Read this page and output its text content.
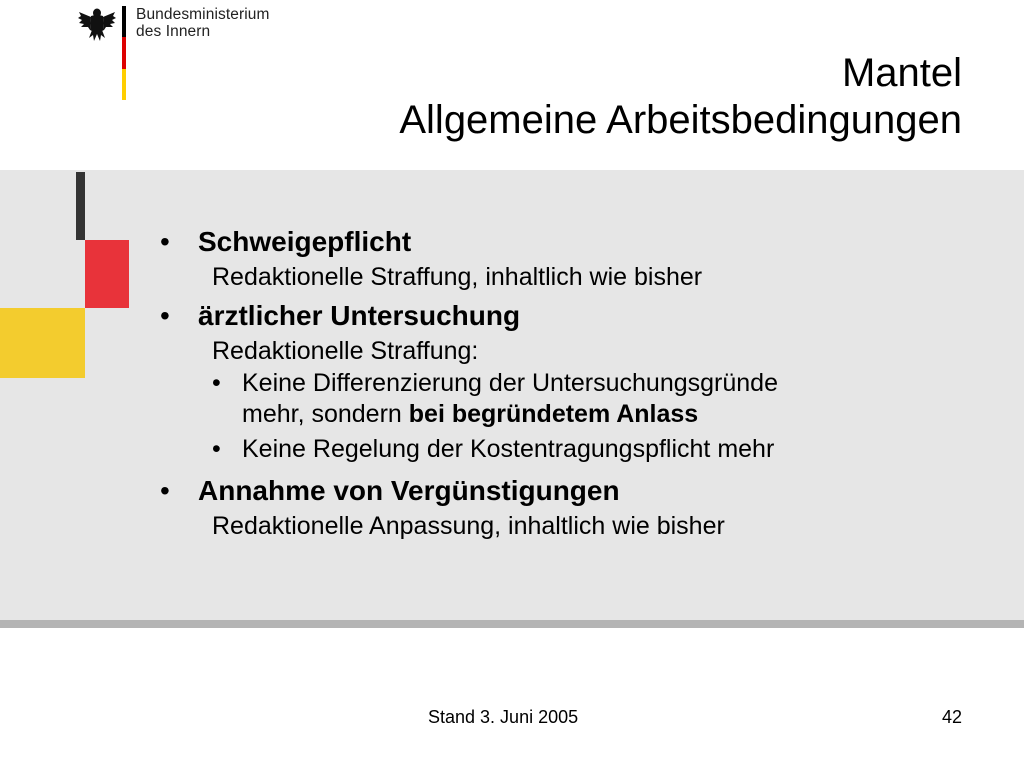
Bundesministerium
des Innern
Mantel
Allgemeine Arbeitsbedingungen
• Schweigepflicht
Redaktionelle Straffung, inhaltlich wie bisher
• ärztlicher Untersuchung
Redaktionelle Straffung:
• Keine Differenzierung der Untersuchungsgründe
mehr, sondern bei begründetem Anlass
• Keine Regelung der Kostentragungspflicht mehr
• Annahme von Vergünstigungen
Redaktionelle Anpassung, inhaltlich wie bisher
Stand 3. Juni 2005	42
